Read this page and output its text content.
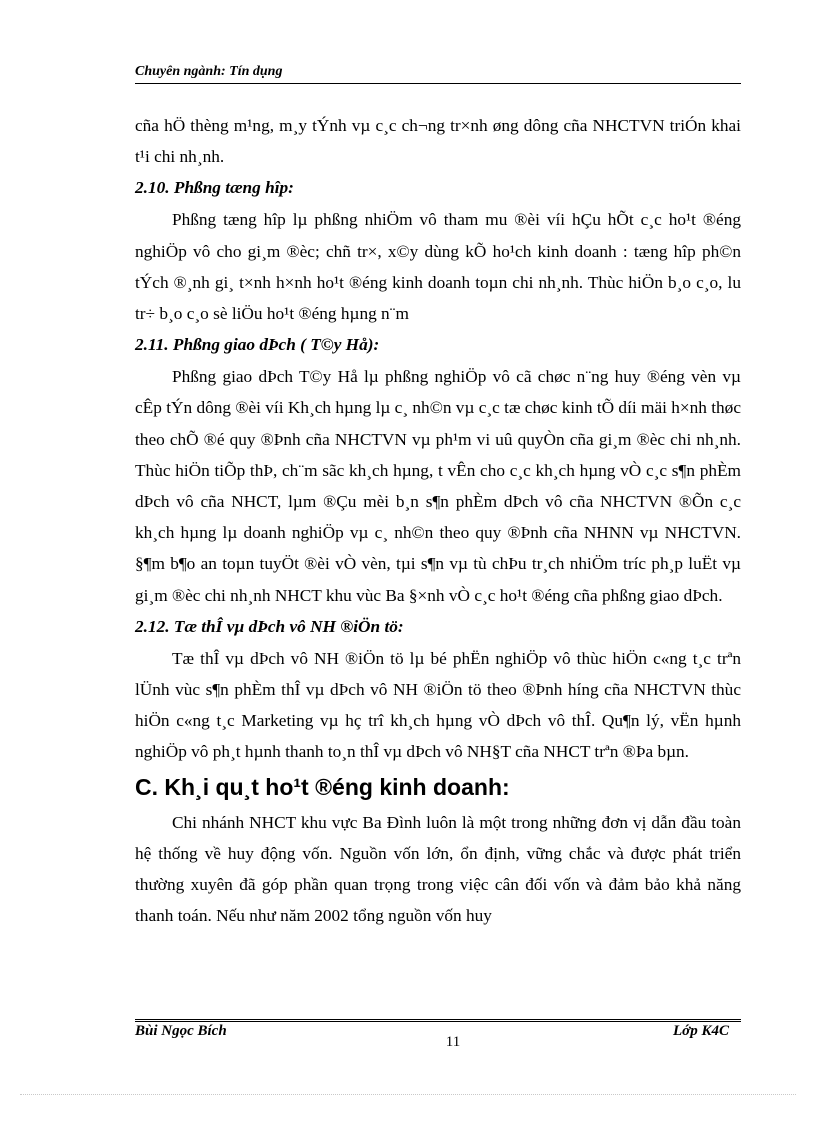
Chuyên ngành: Tín dụng

cña hÖ thèng m¹ng, m¸y tÝnh vµ c¸c ch¬ng tr×nh øng dông cña NHCTVN triÓn khai t¹i chi nh¸nh.

2.10. Phßng tæng hîp:

Phßng tæng hîp lµ phßng nhiÖm vô tham mu ®èi víi hÇu hÕt c¸c ho¹t ®éng nghiÖp vô cho gi¸m ®èc; chñ tr×, x©y dùng kÕ ho¹ch kinh doanh : tæng hîp ph©n tÝch ®¸nh gi¸ t×nh h×nh ho¹t ®éng kinh doanh toµn chi nh¸nh. Thùc hiÖn b¸o c¸o, lu tr÷ b¸o c¸o sè liÖu ho¹t ®éng hµng n¨m

2.11. Phßng giao dÞch ( T©y Hå):

Phßng giao dÞch T©y Hå lµ phßng nghiÖp vô cã chøc n¨ng huy ®éng vèn vµ cÊp tÝn dông ®èi víi Kh¸ch hµng lµ c¸ nh©n vµ c¸c tæ chøc kinh tÕ díi mäi h×nh thøc theo chÕ ®é quy ®Þnh cña NHCTVN vµ ph¹m vi uû quyÒn cña gi¸m ®èc chi nh¸nh. Thùc hiÖn tiÕp thÞ, ch¨m sãc kh¸ch hµng, t vÊn cho c¸c kh¸ch hµng vÒ c¸c s¶n phÈm dÞch vô cña NHCT, lµm ®Çu mèi b¸n s¶n phÈm dÞch vô cña NHCTVN ®Õn c¸c kh¸ch hµng lµ doanh nghiÖp vµ c¸ nh©n theo quy ®Þnh cña NHNN vµ NHCTVN. §¶m b¶o an toµn tuyÖt ®èi vÒ vèn, tµi s¶n vµ tù chÞu tr¸ch nhiÖm tríc ph¸p luËt vµ gi¸m ®èc chi nh¸nh NHCT khu vùc Ba §×nh vÒ c¸c ho¹t ®éng cña phßng giao dÞch.

2.12. Tæ thÎ vµ dÞch vô NH ®iÖn tö:

Tæ thÎ vµ dÞch vô NH ®iÖn tö lµ bé phËn nghiÖp vô thùc hiÖn c«ng t¸c trªn lÜnh vùc s¶n phÈm thÎ vµ dÞch vô NH ®iÖn tö theo ®Þnh híng cña NHCTVN thùc hiÖn c«ng t¸c Marketing vµ hç trî kh¸ch hµng vÒ dÞch vô thÎ. Qu¶n lý, vËn hµnh nghiÖp vô ph¸t hµnh thanh to¸n thÎ vµ dÞch vô NH§T cña NHCT trªn ®Þa bµn.

C. Kh¸i qu¸t ho¹t ®éng kinh doanh:

Chi nhánh NHCT khu vực Ba Đình luôn là một trong những đơn vị dẫn đầu toàn hệ thống về huy động vốn. Nguồn vốn lớn, ổn định, vững chắc và được phát triển thường xuyên đã góp phần quan trọng trong việc cân đối vốn và đảm bảo khả năng thanh toán. Nếu như năm 2002 tổng nguồn vốn huy

Bùi Ngọc Bích
11
Lớp K4C
